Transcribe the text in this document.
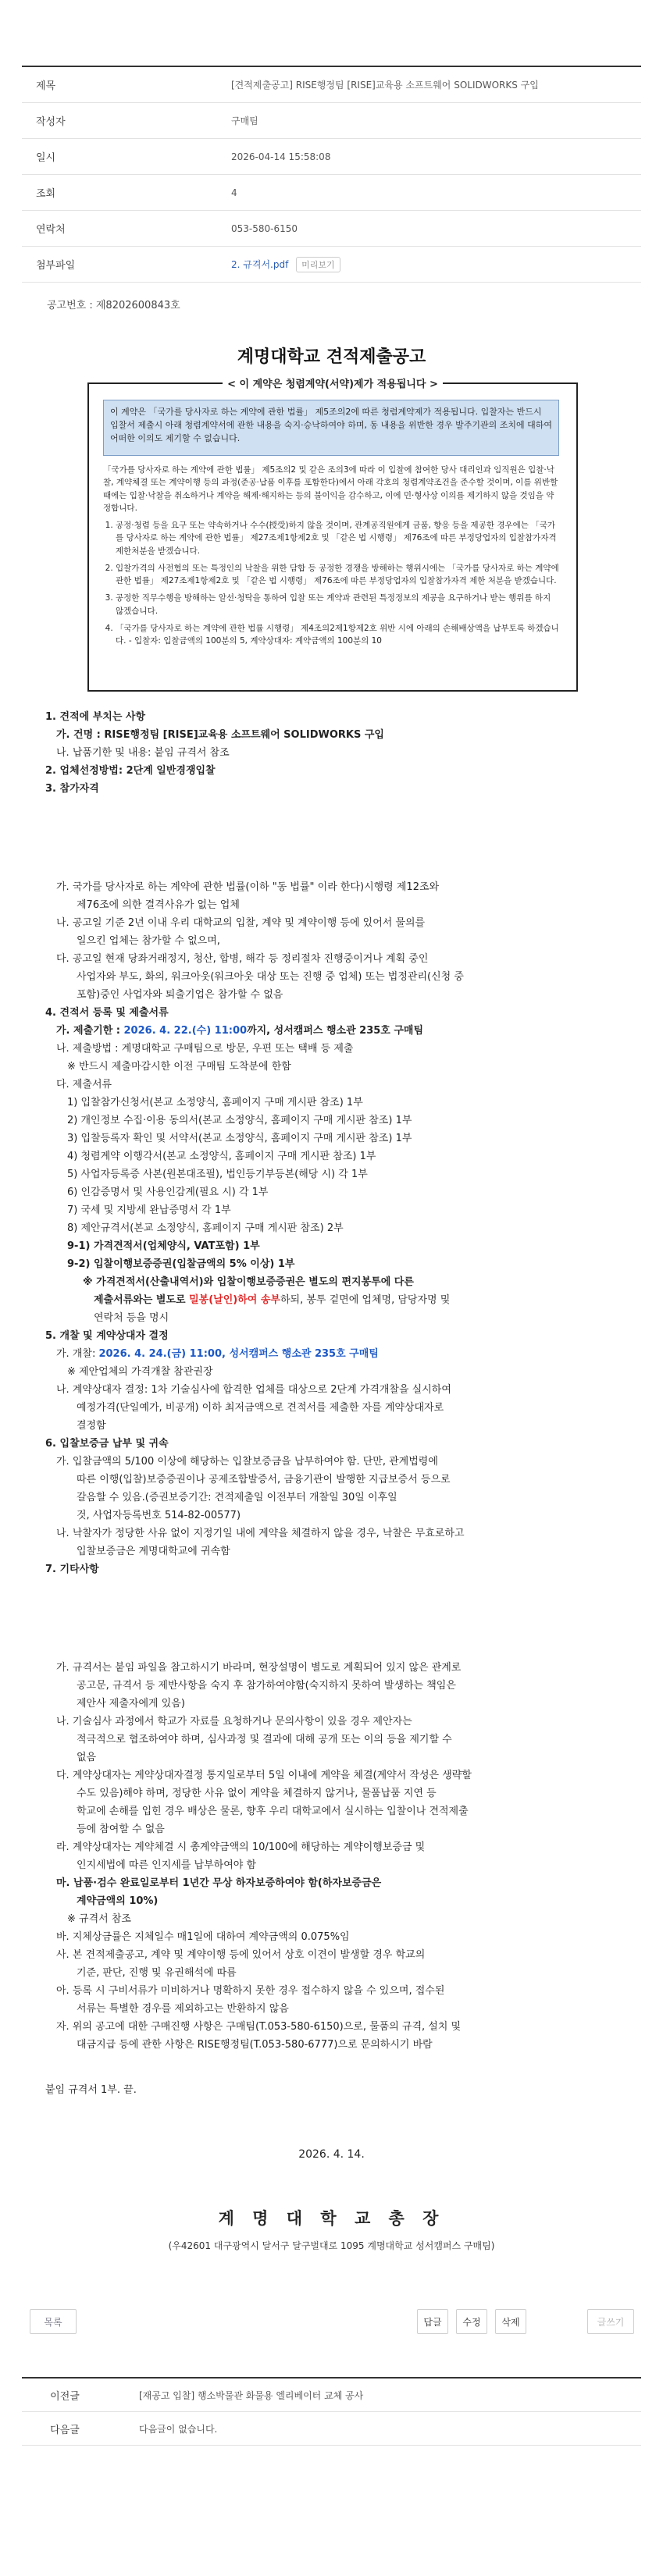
제목	[견적제출공고] RISE행정팀 [RISE]교육용 소프트웨어 SOLIDWORKS 구입
작성자	구매팀
일시	2026-04-14 15:58:08
조회	4
연락처	053-580-6150
첨부파일	2. 규격서.pdf 미리보기
공고번호 : 제8202600843호
계명대학교 견적제출공고
< 이 계약은 청렴계약(서약)제가 적용됩니다 >
이 계약은 「국가를 당사자로 하는 계약에 관한 법률」 제5조의2에 따른 청렴계약제가 적용됩니다. 입찰자는 반드시 입찰서 제출시 아래 청렴계약서에 관한 내용을 숙지·승낙하여야 하며, 동 내용을 위반한 경우 발주기관의 조치에 대하여 어떠한 이의도 제기할 수 없습니다.

「국가를 당사자로 하는 계약에 관한 법률」 제5조의2 및 같은 조의3에 따라 이 입찰에 참여한 당사 대리인과 임직원은 입찰·낙찰, 계약체결 또는 계약이행 등의 과정(준공·납품 이후를 포함한다)에서 아래 각호의 청렴계약조건을 준수할 것이며, 이를 위반할 때에는 입찰·낙찰을 취소하거나 계약을 해제·해지하는 등의 불이익을 감수하고, 이에 민·형사상 이의를 제기하지 않을 것임을 약정합니다.

1. 공정·청렴 등을 요구 또는 약속하거나 수수(授受)하지 않을 것이며, 관계공직원에게 금품, 향응 등을 제공한 경우에는 「국가를 당사자로 하는 계약에 관한 법률」 제27조제1항제2호 및 「같은 법 시행령」 제76조에 따른 부정당업자의 입찰참가자격 제한처분을 받겠습니다.
2. 입찰가격의 사전협의 또는 특정인의 낙찰을 위한 담합 등 공정한 경쟁을 방해하는 행위시에는 「국가를 당사자로 하는 계약에 관한 법률」 제27조제1항제2호 및 「같은 법 시행령」 제76조에 따른 부정당업자의 입찰참가자격 제한 처분을 받겠습니다.
3. 공정한 직무수행을 방해하는 알선·청탁을 통하여 입찰 또는 계약과 관련된 특정정보의 제공을 요구하거나 받는 행위를 하지 않겠습니다.
4. 「국가를 당사자로 하는 계약에 관한 법률 시행령」 제4조의2제1항제2호 위반 시에 아래의 손해배상액을 납부토록 하겠습니다. - 입찰자: 입찰금액의 100분의 5, 계약상대자: 계약금액의 100분의 10
1. 견적에 부치는 사항
가. 건명 : RISE행정팀 [RISE]교육용 소프트웨어 SOLIDWORKS 구입
나. 납품기한 및 내용: 붙임 규격서 참조
2. 업체선정방법: 2단계 일반경쟁입찰
3. 참가자격
가. 국가를 당사자로 하는 계약에 관한 법률(이하 "동 법률" 이라 한다)시행령 제12조와
제76조에 의한 결격사유가 없는 업체
나. 공고일 기준 2년 이내 우리 대학교의 입찰, 계약 및 계약이행 등에 있어서 물의를
일으킨 업체는 참가할 수 없으며,
다. 공고일 현재 당좌거래정지, 청산, 합병, 해각 등 정리절차 진행중이거나 계획 중인
사업자와 부도, 화의, 워크아웃(워크아웃 대상 또는 진행 중 업체) 또는 법정관리(신청 중
포함)중인 사업자와 퇴출기업은 참가할 수 없음
4. 견적서 등록 및 제출서류
가. 제출기한 : 2026. 4. 22.(수) 11:00까지, 성서캠퍼스 행소관 235호 구매팀
나. 제출방법 : 계명대학교 구매팀으로 방문, 우편 또는 택배 등 제출
※ 반드시 제출마감시한 이전 구매팀 도착분에 한함
다. 제출서류
1) 입찰참가신청서(본교 소정양식, 홈페이지 구매 게시판 참조) 1부
2) 개인정보 수집·이용 동의서(본교 소정양식, 홈페이지 구매 게시판 참조) 1부
3) 입찰등록자 확인 및 서약서(본교 소정양식, 홈페이지 구매 게시판 참조) 1부
4) 청렴계약 이행각서(본교 소정양식, 홈페이지 구매 게시판 참조) 1부
5) 사업자등록증 사본(원본대조필), 법인등기부등본(해당 시) 각 1부
6) 인감증명서 및 사용인감계(필요 시) 각 1부
7) 국세 및 지방세 완납증명서 각 1부
8) 제안규격서(본교 소정양식, 홈페이지 구매 게시판 참조) 2부
9-1) 가격견적서(업체양식, VAT포함) 1부
9-2) 입찰이행보증증권(입찰금액의 5% 이상) 1부
※ 가격견적서(산출내역서)와 입찰이행보증증권은 별도의 편지봉투에 다른
제출서류와는 별도로 밀봉(날인)하여 송부하되, 봉투 겉면에 업체명, 담당자명 및
연락처 등을 명시
5. 개찰 및 계약상대자 결정
가. 개찰: 2026. 4. 24.(금) 11:00, 성서캠퍼스 행소관 235호 구매팀
※ 제안업체의 가격개찰 참관권장
나. 계약상대자 결정: 1차 기술심사에 합격한 업체를 대상으로 2단계 가격개찰을 실시하여
예정가격(단일예가, 비공개) 이하 최저금액으로 견적서를 제출한 자를 계약상대자로
결정함
6. 입찰보증금 납부 및 귀속
가. 입찰금액의 5/100 이상에 해당하는 입찰보증금을 납부하여야 함. 단만, 관계법령에
따른 이행(입찰)보증증권이나 공제조합발증서, 금융기관이 발행한 지급보증서 등으로
갈음할 수 있음.(증권보증기간: 견적제출일 이전부터 개찰일 30일 이후일
것, 사업자등록번호 514-82-00577)
나. 낙찰자가 정당한 사유 없이 지정기일 내에 계약을 체결하지 않을 경우, 낙찰은 무효로하고
입찰보증금은 계명대학교에 귀속함
7. 기타사항
가. 규격서는 붙임 파일을 참고하시기 바라며, 현장설명이 별도로 계획되어 있지 않은 관계로
공고문, 규격서 등 제반사항을 숙지 후 참가하여야함(숙지하지 못하여 발생하는 책임은
제안사 제출자에게 있음)
나. 기술심사 과정에서 학교가 자료를 요청하거나 문의사항이 있을 경우 제안자는
적극적으로 협조하여야 하며, 심사과정 및 결과에 대해 공개 또는 이의 등을 제기할 수
없음
다. 계약상대자는 계약상대자결정 통지일로부터 5일 이내에 계약을 체결(계약서 작성은 생략할
수도 있음)해야 하며, 정당한 사유 없이 계약을 체결하지 않거나, 물품납품 지연 등
학교에 손해를 입힌 경우 배상은 물론, 향후 우리 대학교에서 실시하는 입찰이나 견적제출
등에 참여할 수 없음
라. 계약상대자는 계약체결 시 총계약금액의 10/100에 해당하는 계약이행보증금 및
인지세법에 따른 인지세를 납부하여야 함
마. 납품·검수 완료일로부터 1년간 무상 하자보증하여야 함(하자보증금은
계약금액의 10%)
※ 규격서 참조
바. 지체상금률은 지체일수 매1일에 대하여 계약금액의 0.075%임
사. 본 견적제출공고, 계약 및 계약이행 등에 있어서 상호 이견이 발생할 경우 학교의
기준, 판단, 진행 및 유권해석에 따름
아. 등록 시 구비서류가 미비하거나 명확하지 못한 경우 접수하지 않을 수 있으며, 접수된
서류는 특별한 경우를 제외하고는 반환하지 않음
자. 위의 공고에 대한 구매진행 사항은 구매팀(T.053-580-6150)으로, 물품의 규격, 설치 및
대금지급 등에 관한 사항은 RISE행정팀(T.053-580-6777)으로 문의하시기 바람
붙임 규격서 1부. 끝.
2026. 4. 14.
계 명 대 학 교 총 장
(우42601 대구광역시 달서구 달구벌대로 1095 계명대학교 성서캠퍼스 구매팀)
목록	답글	수정	삭제	글쓰기
이전글	[재공고 입찰] 행소박물관 화물용 엘리베이터 교체 공사
다음글	다음글이 없습니다.
